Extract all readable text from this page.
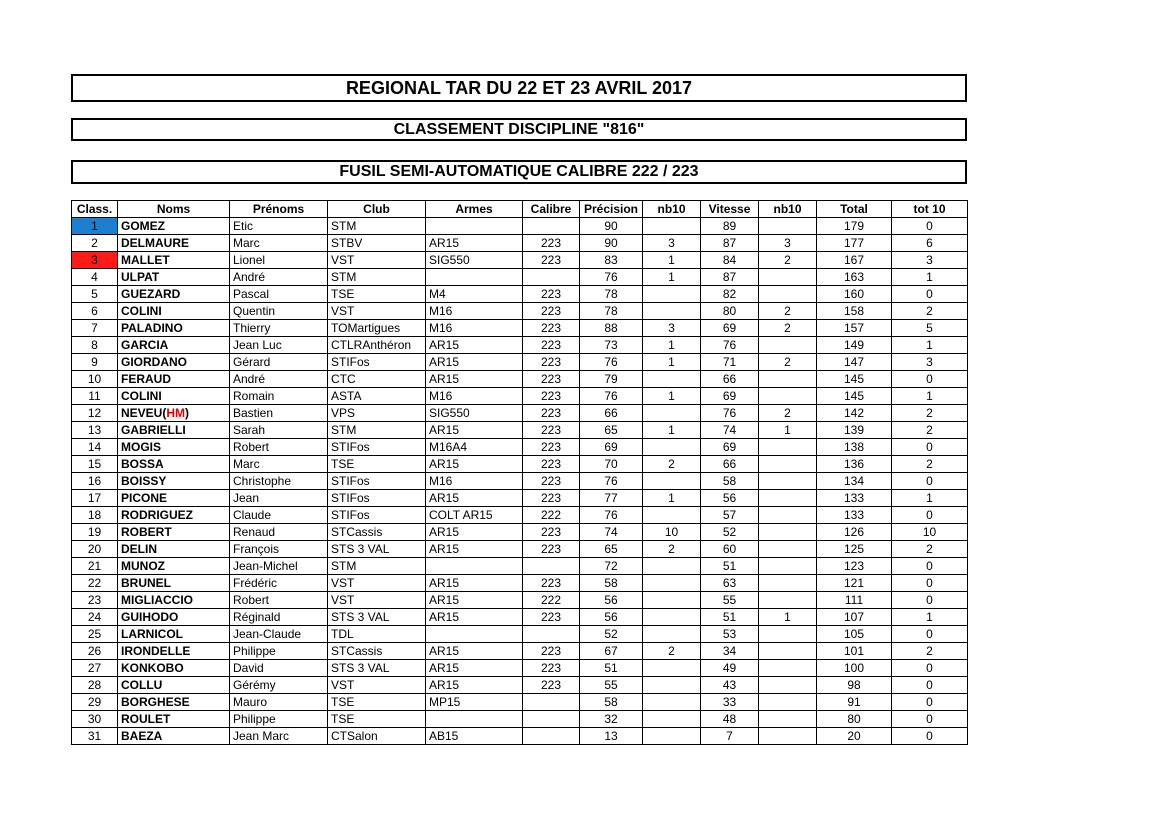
REGIONAL TAR DU 22 ET 23 AVRIL 2017
CLASSEMENT DISCIPLINE "816"
FUSIL SEMI-AUTOMATIQUE CALIBRE 222 / 223
Class.	Noms	Prénoms	Club	Armes	Calibre	Précision	nb10	Vitesse	nb10	Total	tot 10
1	GOMEZ	Etic	STM			90		89		179	0
2	DELMAURE	Marc	STBV	AR15	223	90	3	87	3	177	6
3	MALLET	Lionel	VST	SIG550	223	83	1	84	2	167	3
4	ULPAT	André	STM			76	1	87		163	1
5	GUEZARD	Pascal	TSE	M4	223	78		82		160	0
6	COLINI	Quentin	VST	M16	223	78		80	2	158	2
7	PALADINO	Thierry	TOMartigues	M16	223	88	3	69	2	157	5
8	GARCIA	Jean Luc	CTLRAnthéron	AR15	223	73	1	76		149	1
9	GIORDANO	Gérard	STIFos	AR15	223	76	1	71	2	147	3
10	FERAUD	André	CTC	AR15	223	79		66		145	0
11	COLINI	Romain	ASTA	M16	223	76	1	69		145	1
12	NEVEU(HM)	Bastien	VPS	SIG550	223	66		76	2	142	2
13	GABRIELLI	Sarah	STM	AR15	223	65	1	74	1	139	2
14	MOGIS	Robert	STIFos	M16A4	223	69		69		138	0
15	BOSSA	Marc	TSE	AR15	223	70	2	66		136	2
16	BOISSY	Christophe	STIFos	M16	223	76		58		134	0
17	PICONE	Jean	STIFos	AR15	223	77	1	56		133	1
18	RODRIGUEZ	Claude	STIFos	COLT AR15	222	76		57		133	0
19	ROBERT	Renaud	STCassis	AR15	223	74	10	52		126	10
20	DELIN	François	STS 3 VAL	AR15	223	65	2	60		125	2
21	MUNOZ	Jean-Michel	STM			72		51		123	0
22	BRUNEL	Frédéric	VST	AR15	223	58		63		121	0
23	MIGLIACCIO	Robert	VST	AR15	222	56		55		111	0
24	GUIHODO	Réginald	STS 3 VAL	AR15	223	56		51	1	107	1
25	LARNICOL	Jean-Claude	TDL			52		53		105	0
26	IRONDELLE	Philippe	STCassis	AR15	223	67	2	34		101	2
27	KONKOBO	David	STS 3 VAL	AR15	223	51		49		100	0
28	COLLU	Gérémy	VST	AR15	223	55		43		98	0
29	BORGHESE	Mauro	TSE	MP15		58		33		91	0
30	ROULET	Philippe	TSE			32		48		80	0
31	BAEZA	Jean Marc	CTSalon	AB15		13		7		20	0
